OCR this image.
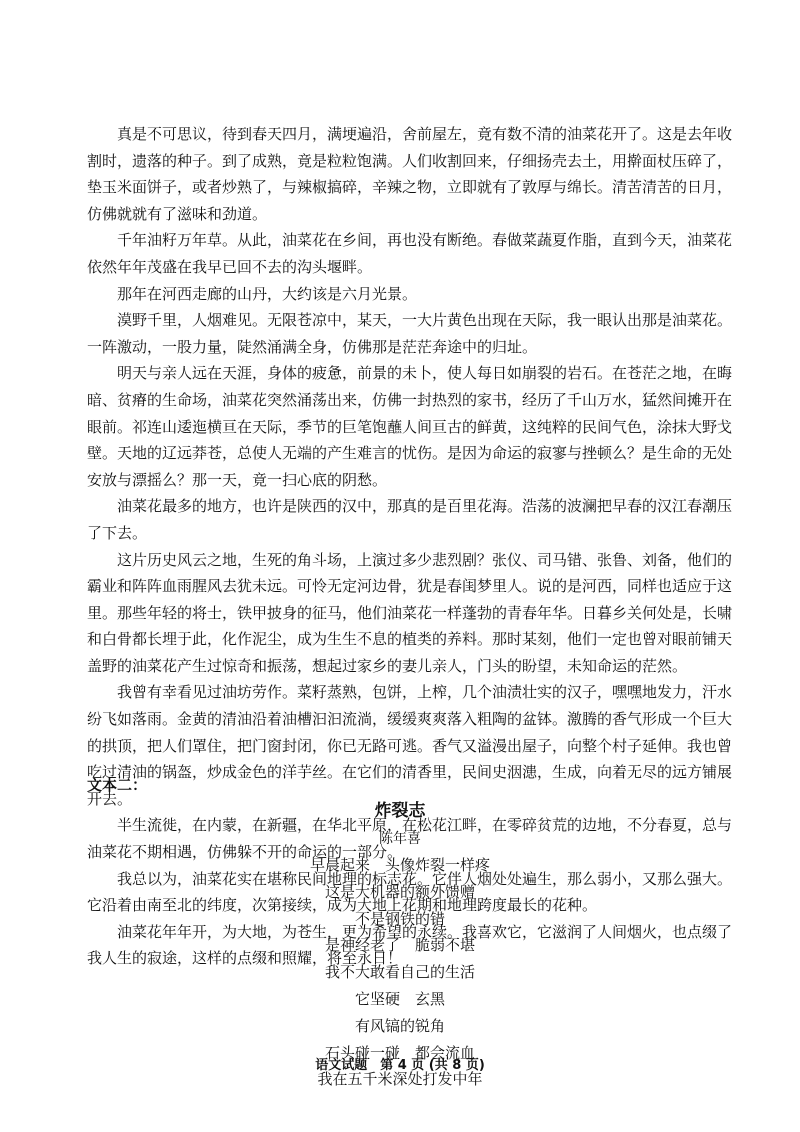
真是不可思议，待到春天四月，满埂遍沿，舍前屋左，竟有数不清的油菜花开了。这是去年收割时，遗落的种子。到了成熟，竟是粒粒饱满。人们收割回来，仔细扬壳去土，用擀面杖压碎了，垫玉米面饼子，或者炒熟了，与辣椒搞碎，辛辣之物，立即就有了敦厚与绵长。清苦清苦的日月，仿佛就就有了滋味和劲道。

千年油籽万年草。从此，油菜花在乡间，再也没有断绝。春做菜蔬夏作脂，直到今天，油菜花依然年年茂盛在我早已回不去的沟头堰畔。

那年在河西走廊的山丹，大约该是六月光景。

漠野千里，人烟难见。无限苍凉中，某天，一大片黄色出现在天际，我一眼认出那是油菜花。一阵激动，一股力量，陡然涌满全身，仿佛那是茫茫奔途中的归址。

明天与亲人远在天涯，身体的疲惫，前景的未卜，使人每日如崩裂的岩石。在苍茫之地，在晦暗、贫瘠的生命场，油菜花突然涌荡出来，仿佛一封热烈的家书，经历了千山万水，猛然间摊开在眼前。祁连山逶迤横亘在天际，季节的巨笔饱蘸人间亘古的鲜黄，这纯粹的民间气色，涂抹大野戈壁。天地的辽远莽苍，总使人无端的产生难言的忧伤。是因为命运的寂寥与挫顿么？是生命的无处安放与漂摇么？那一天，竟一扫心底的阴愁。

油菜花最多的地方，也许是陕西的汉中，那真的是百里花海。浩荡的波澜把早春的汉江春潮压了下去。

这片历史风云之地，生死的角斗场，上演过多少悲烈剧？张仪、司马错、张鲁、刘备，他们的霸业和阵阵血雨腥风去犹未远。可怜无定河边骨，犹是春闺梦里人。说的是河西，同样也适应于这里。那些年轻的将士，铁甲披身的征马，他们油菜花一样蓬勃的青春年华。日暮乡关何处是，长啸和白骨都长埋于此，化作泥尘，成为生生不息的植类的养料。那时某刻，他们一定也曾对眼前铺天盖野的油菜花产生过惊奇和振荡，想起过家乡的妻儿亲人，门头的盼望，未知命运的茫然。

我曾有幸看见过油坊劳作。菜籽蒸熟，包饼，上榨，几个油渍壮实的汉子，嘿嘿地发力，汗水纷飞如落雨。金黄的清油沿着油槽汩汩流淌，缓缓爽爽落入粗陶的盆钵。激腾的香气形成一个巨大的拱顶，把人们罩住，把门窗封闭，你已无路可逃。香气又溢漫出屋子，向整个村子延伸。我也曾吃过清油的锅盔，炒成金色的洋芋丝。在它们的清香里，民间史洇漶，生成，向着无尽的远方铺展开去。

半生流徙，在内蒙，在新疆，在华北平原，在松花江畔，在零碎贫荒的边地，不分春夏，总与油菜花不期相遇，仿佛躲不开的命运的一部分。

我总以为，油菜花实在堪称民间地理的标志花。它伴人烟处处遍生，那么弱小，又那么强大。它沿着由南至北的纬度，次第接续，成为大地上花期和地理跨度最长的花种。

油菜花年年开，为大地，为苍生，更为希望的永续。我喜欢它，它滋润了人间烟火，也点缀了我人生的寂途，这样的点缀和照耀，将至永日！

文本二：
炸裂志
陈年喜
早晨起来　头像炸裂一样疼
这是大机器的额外馈赠
不是钢铁的错
是神经老了　脆弱不堪
我不大敢看自己的生活
它坚硬　玄黑
有风镐的锐角
石头碰一碰　都会流血
我在五千米深处打发中年
语文试题　第 4 页 (共 8 页)
